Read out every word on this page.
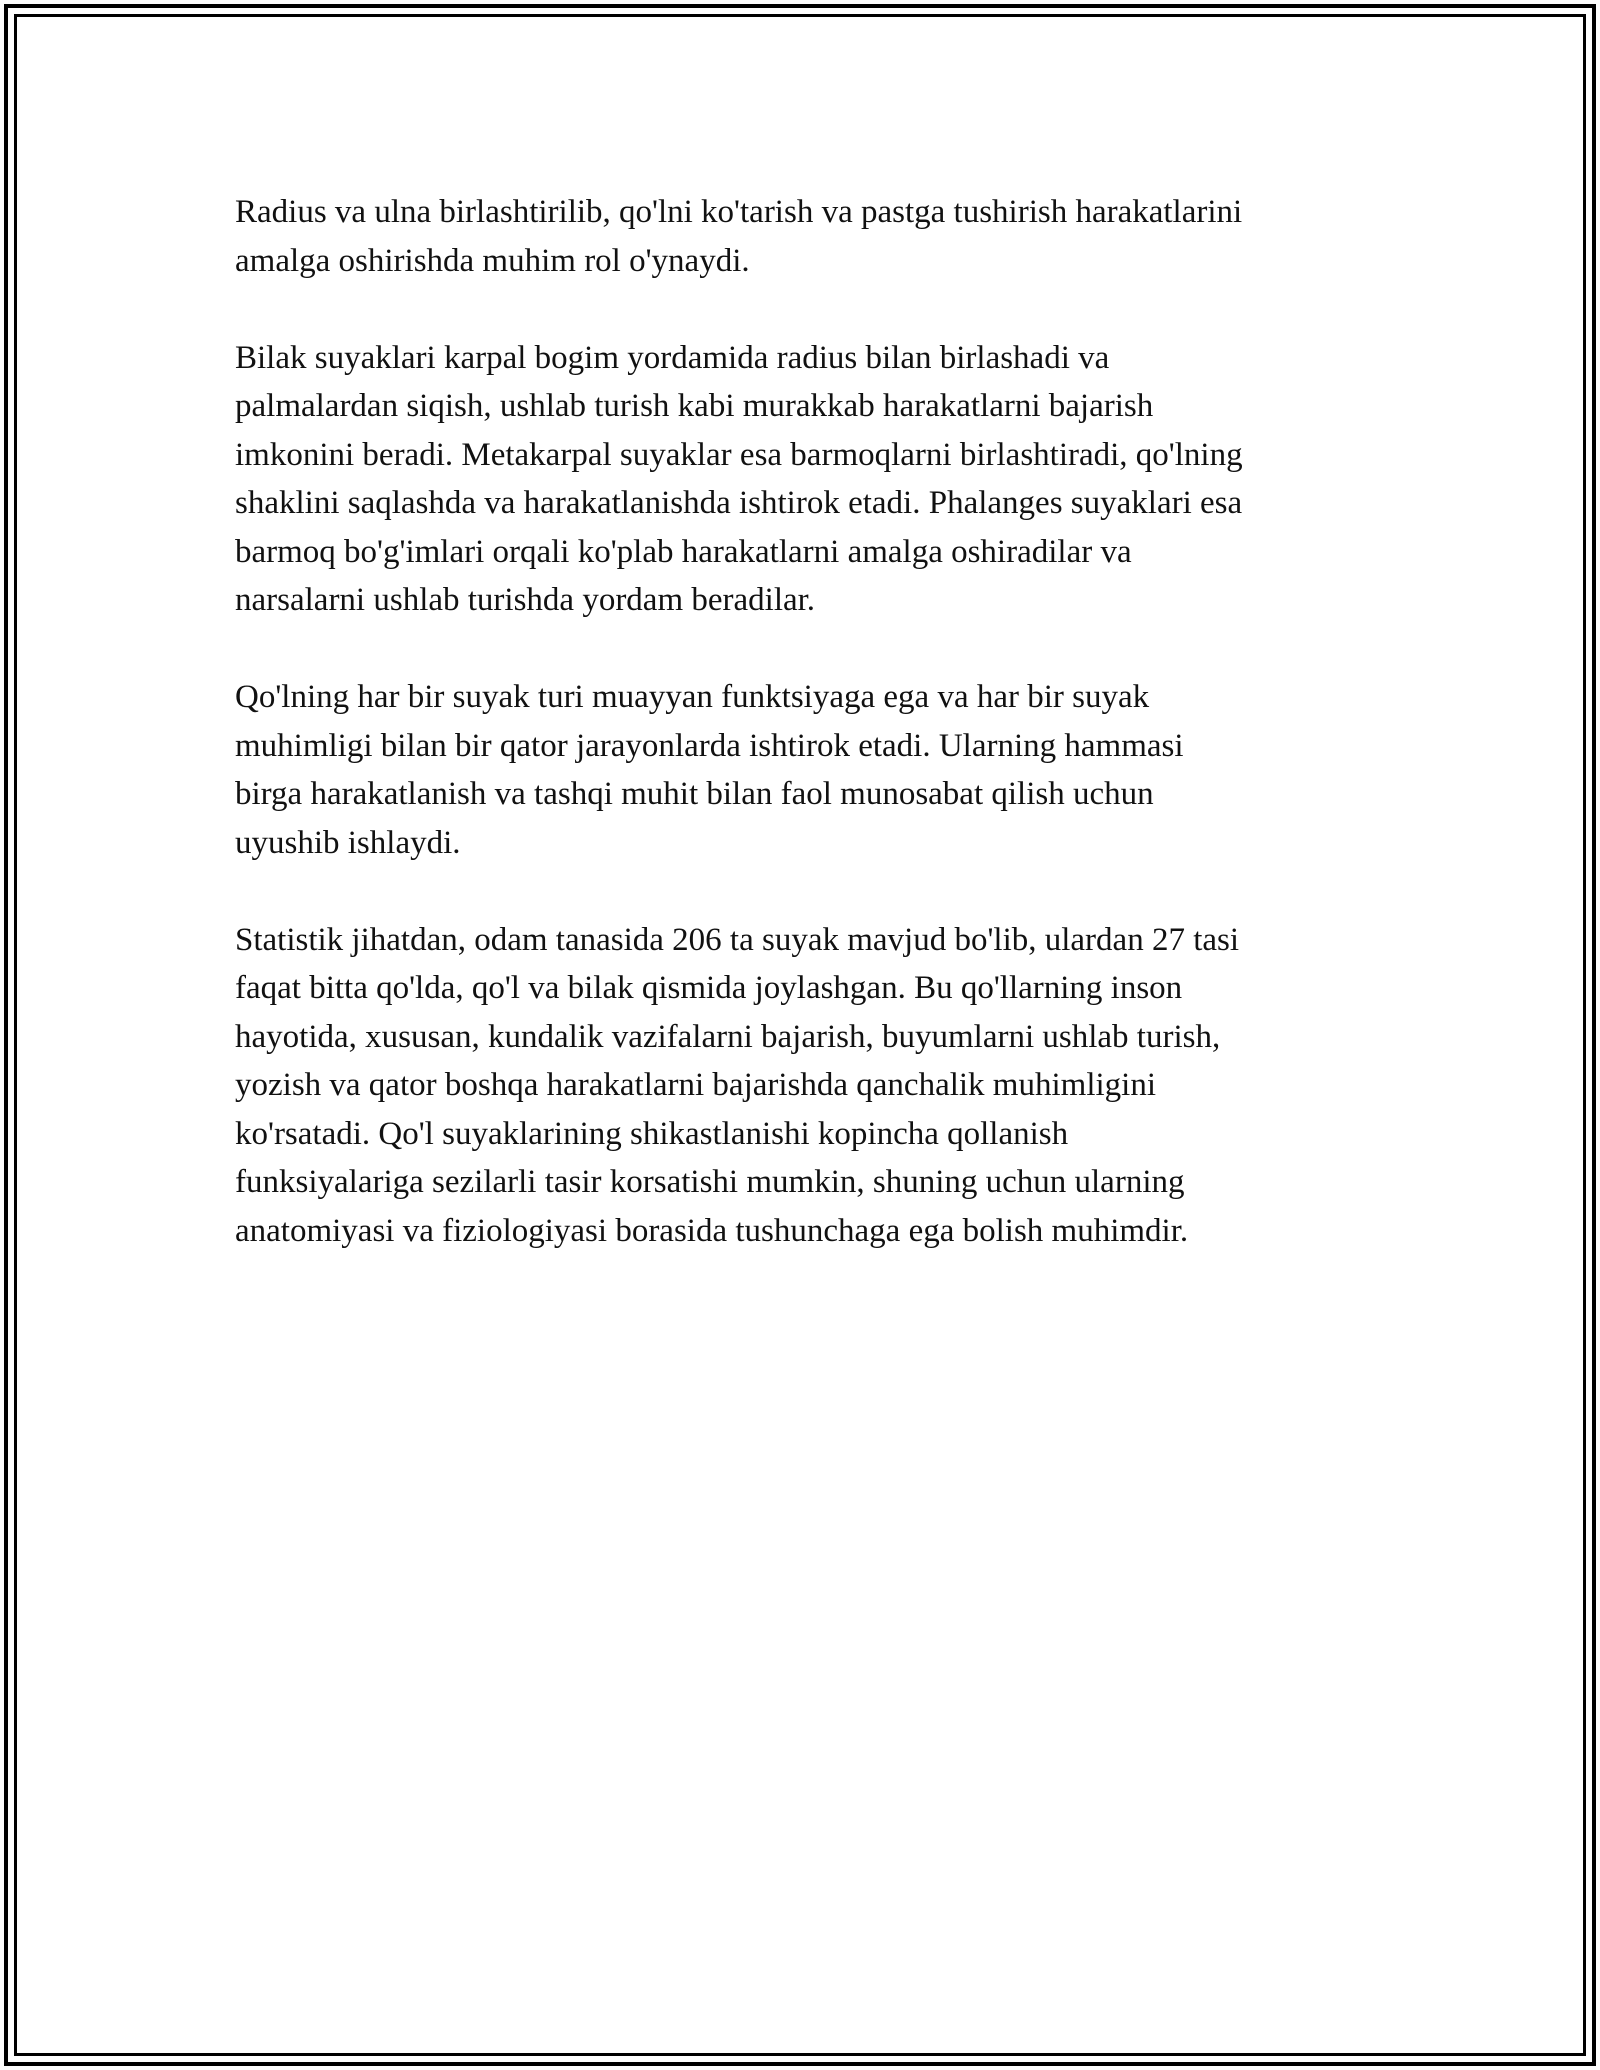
Radius va ulna birlashtirilib, qo'lni ko'tarish va pastga tushirish harakatlarini
amalga oshirishda muhim rol o'ynaydi.

Bilak suyaklari karpal bogim yordamida radius bilan birlashadi va
palmalardan siqish, ushlab turish kabi murakkab harakatlarni bajarish
imkonini beradi. Metakarpal suyaklar esa barmoqlarni birlashtiradi, qo'lning
shaklini saqlashda va harakatlanishda ishtirok etadi. Phalanges suyaklari esa
barmoq bo'g'imlari orqali ko'plab harakatlarni amalga oshiradilar va
narsalarni ushlab turishda yordam beradilar.

Qo'lning har bir suyak turi muayyan funktsiyaga ega va har bir suyak
muhimligi bilan bir qator jarayonlarda ishtirok etadi. Ularning hammasi
birga harakatlanish va tashqi muhit bilan faol munosabat qilish uchun
uyushib ishlaydi.

Statistik jihatdan, odam tanasida 206 ta suyak mavjud bo'lib, ulardan 27 tasi
faqat bitta qo'lda, qo'l va bilak qismida joylashgan. Bu qo'llarning inson
hayotida, xususan, kundalik vazifalarni bajarish, buyumlarni ushlab turish,
yozish va qator boshqa harakatlarni bajarishda qanchalik muhimligini
ko'rsatadi. Qo'l suyaklarining shikastlanishi kopincha qollanish
funksiyalariga sezilarli tasir korsatishi mumkin, shuning uchun ularning
anatomiyasi va fiziologiyasi borasida tushunchaga ega bolish muhimdir.
